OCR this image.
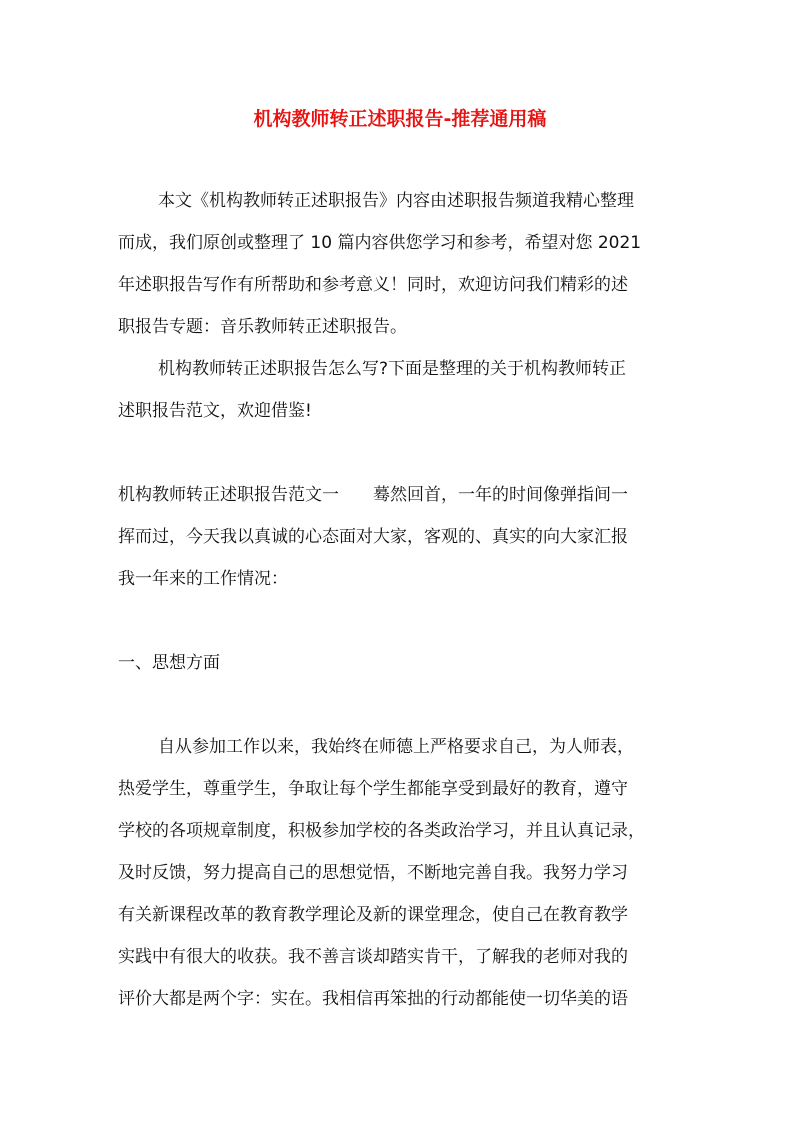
机构教师转正述职报告-推荐通用稿
本文《机构教师转正述职报告》内容由述职报告频道我精心整理
而成，我们原创或整理了 10 篇内容供您学习和参考，希望对您 2021
年述职报告写作有所帮助和参考意义！同时，欢迎访问我们精彩的述
职报告专题：音乐教师转正述职报告。
机构教师转正述职报告怎么写?下面是整理的关于机构教师转正
述职报告范文，欢迎借鉴!
机构教师转正述职报告范文一 蓦然回首，一年的时间像弹指间一
挥而过，今天我以真诚的心态面对大家，客观的、真实的向大家汇报
我一年来的工作情况：
一、思想方面
自从参加工作以来，我始终在师德上严格要求自己，为人师表，
热爱学生，尊重学生，争取让每个学生都能享受到最好的教育，遵守
学校的各项规章制度，积极参加学校的各类政治学习，并且认真记录，
及时反馈，努力提高自己的思想觉悟，不断地完善自我。我努力学习
有关新课程改革的教育教学理论及新的课堂理念，使自己在教育教学
实践中有很大的收获。我不善言谈却踏实肯干，了解我的老师对我的
评价大都是两个字：实在。我相信再笨拙的行动都能使一切华美的语
